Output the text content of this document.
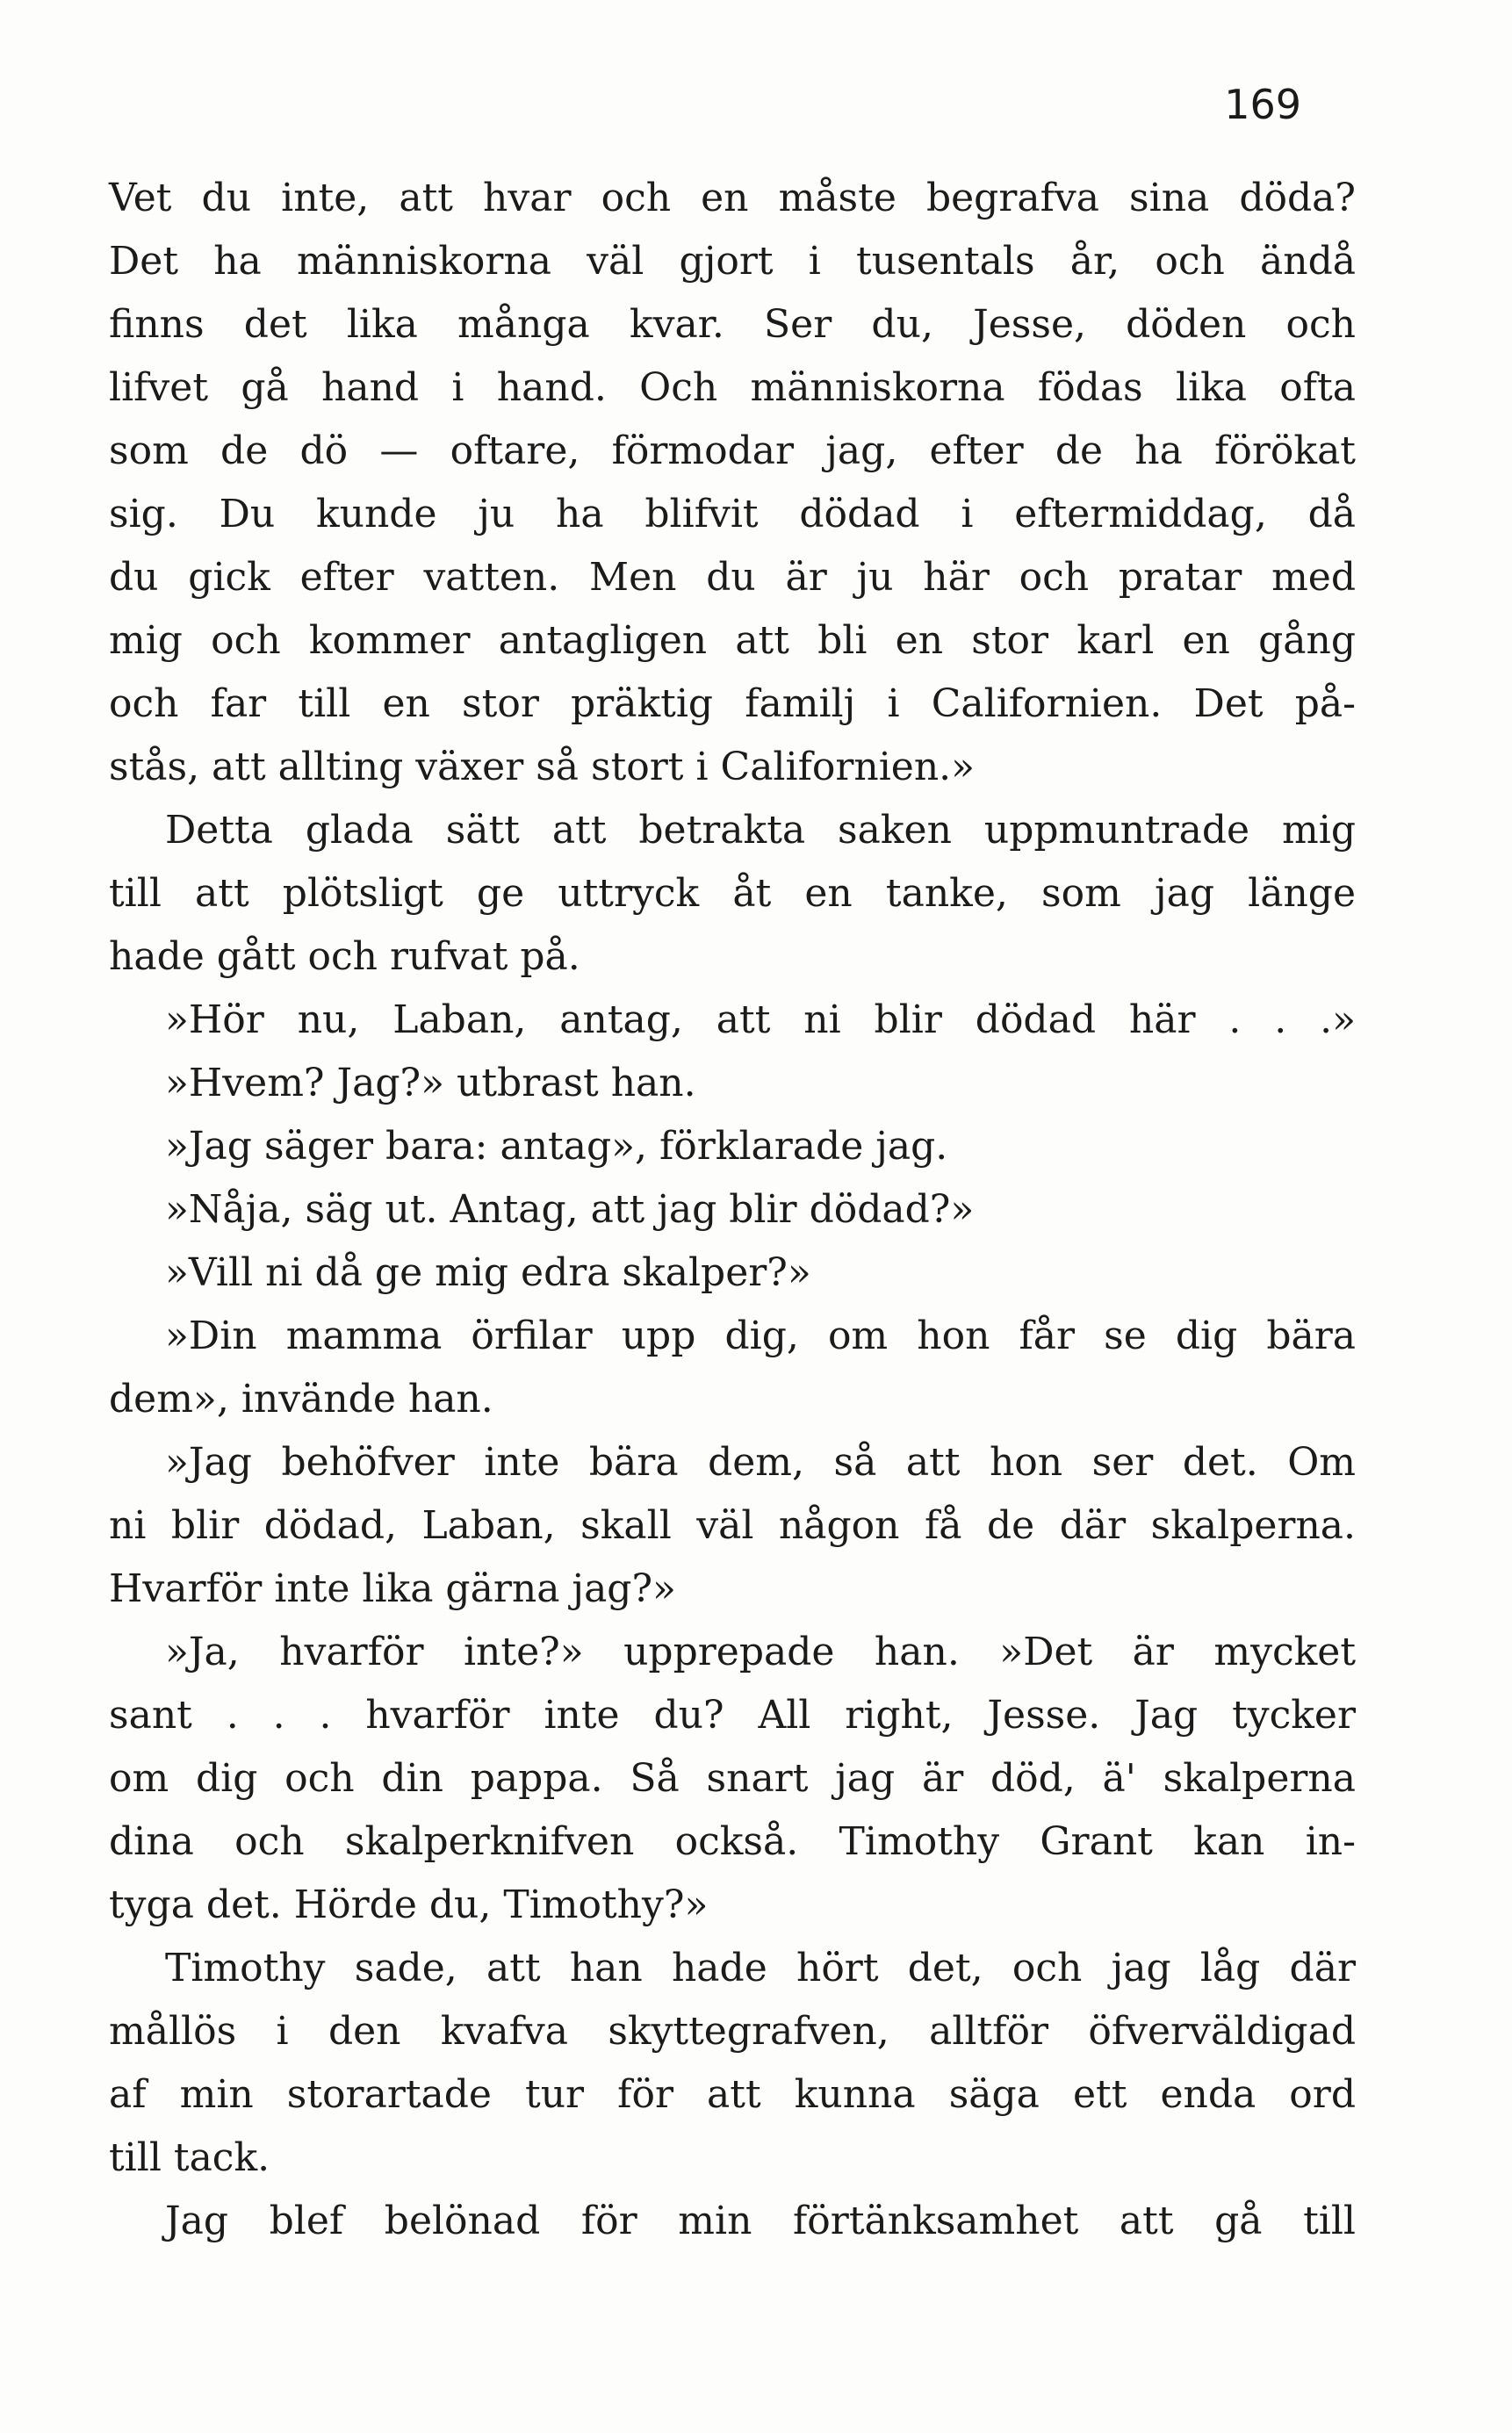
169
Vet du inte, att hvar och en måste begrafva sina döda?
Det ha människorna väl gjort i tusentals år, och ändå
finns det lika många kvar. Ser du, Jesse, döden och
lifvet gå hand i hand. Och människorna födas lika ofta
som de dö — oftare, förmodar jag, efter de ha förökat
sig. Du kunde ju ha blifvit dödad i eftermiddag, då
du gick efter vatten. Men du är ju här och pratar med
mig och kommer antagligen att bli en stor karl en gång
och far till en stor präktig familj i Californien. Det på-
stås, att allting växer så stort i Californien.»
Detta glada sätt att betrakta saken uppmuntrade mig
till att plötsligt ge uttryck åt en tanke, som jag länge
hade gått och rufvat på.
»Hör nu, Laban, antag, att ni blir dödad här . . .»
»Hvem? Jag?» utbrast han.
»Jag säger bara: antag», förklarade jag.
»Nåja, säg ut. Antag, att jag blir dödad?»
»Vill ni då ge mig edra skalper?»
»Din mamma örfilar upp dig, om hon får se dig bära
dem», invände han.
»Jag behöfver inte bära dem, så att hon ser det. Om
ni blir dödad, Laban, skall väl någon få de där skalperna.
Hvarför inte lika gärna jag?»
»Ja, hvarför inte?» upprepade han. »Det är mycket
sant . . . hvarför inte du? All right, Jesse. Jag tycker
om dig och din pappa. Så snart jag är död, ä' skalperna
dina och skalperknifven också. Timothy Grant kan in-
tyga det. Hörde du, Timothy?»
Timothy sade, att han hade hört det, och jag låg där
mållös i den kvafva skyttegrafven, alltför öfverväldigad
af min storartade tur för att kunna säga ett enda ord
till tack.
Jag blef belönad för min förtänksamhet att gå till
